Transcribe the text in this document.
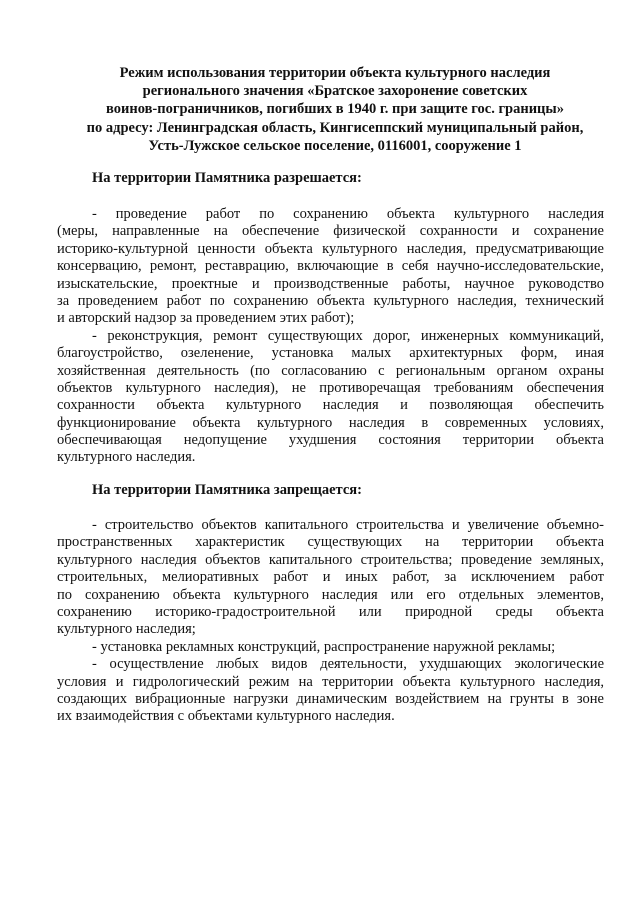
Режим использования территории объекта культурного наследия
регионального значения «Братское захоронение советских
воинов-пограничников, погибших в 1940 г. при защите гос. границы»
по адресу: Ленинградская область, Кингисеппский муниципальный район,
Усть-Лужское сельское поселение, 0116001, сооружение 1
На территории Памятника разрешается:
- проведение работ по сохранению объекта культурного наследия
(меры, направленные на обеспечение физической сохранности и сохранение
историко-культурной ценности объекта культурного наследия, предусматривающие
консервацию, ремонт, реставрацию, включающие в себя научно-исследовательские,
изыскательские, проектные и производственные работы, научное руководство
за проведением работ по сохранению объекта культурного наследия, технический
и авторский надзор за проведением этих работ);
- реконструкция, ремонт существующих дорог, инженерных коммуникаций,
благоустройство, озеленение, установка малых архитектурных форм, иная
хозяйственная деятельность (по согласованию с региональным органом охраны
объектов культурного наследия), не противоречащая требованиям обеспечения
сохранности объекта культурного наследия и позволяющая обеспечить
функционирование объекта культурного наследия в современных условиях,
обеспечивающая недопущение ухудшения состояния территории объекта
культурного наследия.
На территории Памятника запрещается:
- строительство объектов капитального строительства и увеличение объемно-
пространственных характеристик существующих на территории объекта
культурного наследия объектов капитального строительства; проведение земляных,
строительных, мелиоративных работ и иных работ, за исключением работ
по сохранению объекта культурного наследия или его отдельных элементов,
сохранению историко-градостроительной или природной среды объекта
культурного наследия;
- установка рекламных конструкций, распространение наружной рекламы;
- осуществление любых видов деятельности, ухудшающих экологические
условия и гидрологический режим на территории объекта культурного наследия,
создающих вибрационные нагрузки динамическим воздействием на грунты в зоне
их взаимодействия с объектами культурного наследия.
